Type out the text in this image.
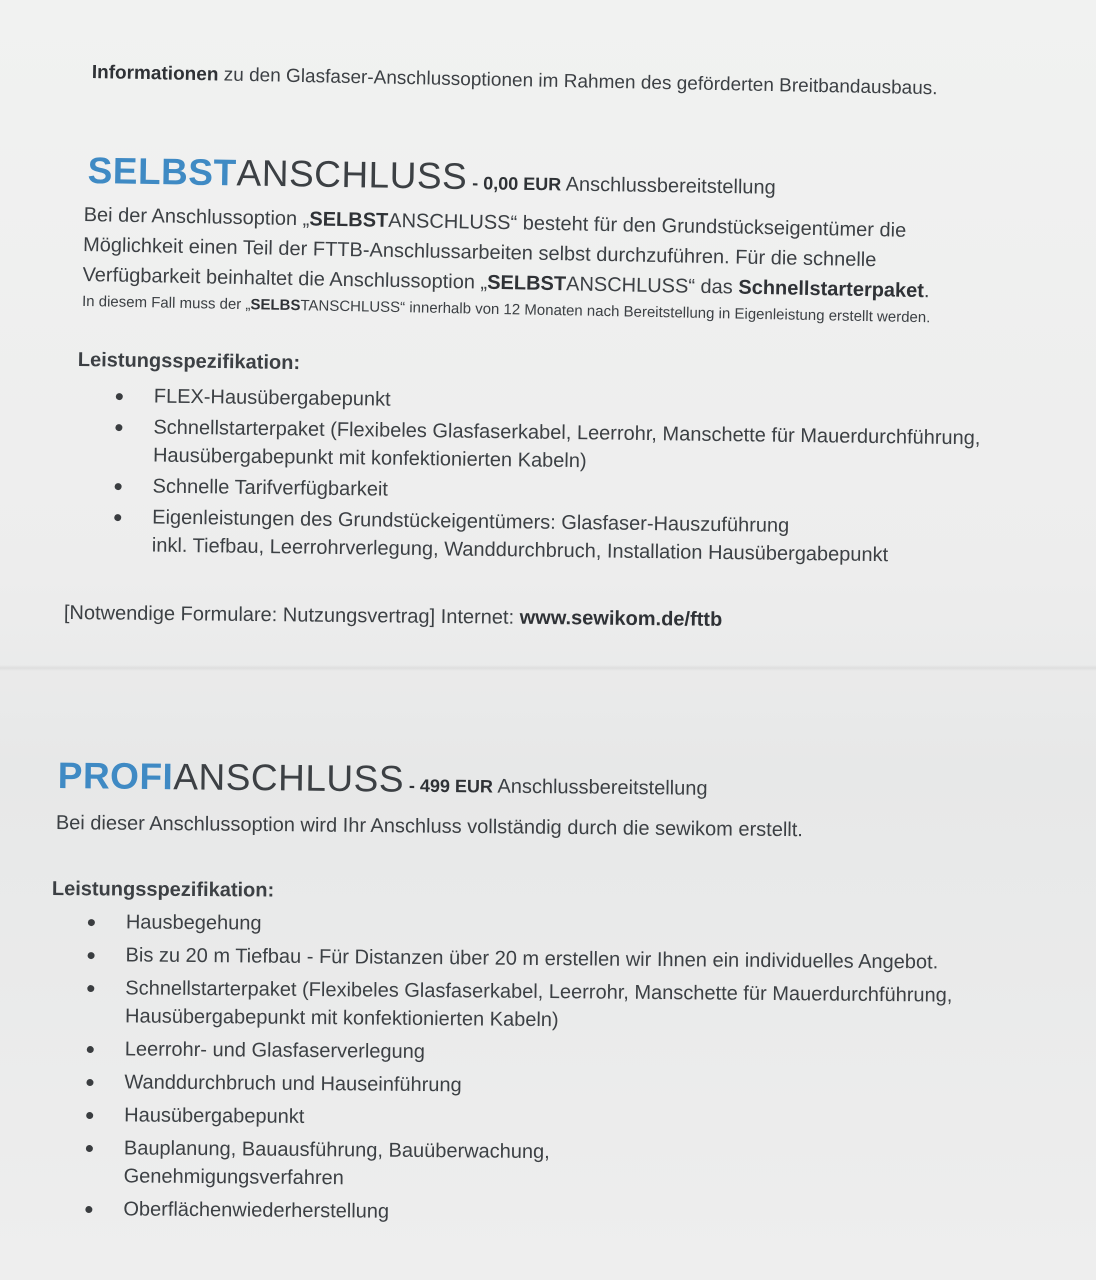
Informationen zu den Glasfaser-Anschlussoptionen im Rahmen des geförderten Breitbandausbaus.
SELBSTANSCHLUSS - 0,00 EUR Anschlussbereitstellung
Bei der Anschlussoption „SELBSTANSCHLUSS“ besteht für den Grundstückseigentümer die
Möglichkeit einen Teil der FTTB-Anschlussarbeiten selbst durchzuführen. Für die schnelle
Verfügbarkeit beinhaltet die Anschlussoption „SELBSTANSCHLUSS“ das Schnellstarterpaket.
In diesem Fall muss der „SELBSTANSCHLUSS“ innerhalb von 12 Monaten nach Bereitstellung in Eigenleistung erstellt werden.
Leistungsspezifikation:
FLEX-Hausübergabepunkt
Schnellstarterpaket (Flexibeles Glasfaserkabel, Leerrohr, Manschette für Mauerdurchführung,
Hausübergabepunkt mit konfektionierten Kabeln)
Schnelle Tarifverfügbarkeit
Eigenleistungen des Grundstückeigentümers: Glasfaser-Hauszuführung
inkl. Tiefbau, Leerrohrverlegung, Wanddurchbruch, Installation Hausübergabepunkt
[Notwendige Formulare: Nutzungsvertrag] Internet: www.sewikom.de/fttb
PROFIANSCHLUSS - 499 EUR Anschlussbereitstellung
Bei dieser Anschlussoption wird Ihr Anschluss vollständig durch die sewikom erstellt.
Leistungsspezifikation:
Hausbegehung
Bis zu 20 m Tiefbau - Für Distanzen über 20 m erstellen wir Ihnen ein individuelles Angebot.
Schnellstarterpaket (Flexibeles Glasfaserkabel, Leerrohr, Manschette für Mauerdurchführung,
Hausübergabepunkt mit konfektionierten Kabeln)
Leerrohr- und Glasfaserverlegung
Wanddurchbruch und Hauseinführung
Hausübergabepunkt
Bauplanung, Bauausführung, Bauüberwachung,
Genehmigungsverfahren
Oberflächenwiederherstellung
